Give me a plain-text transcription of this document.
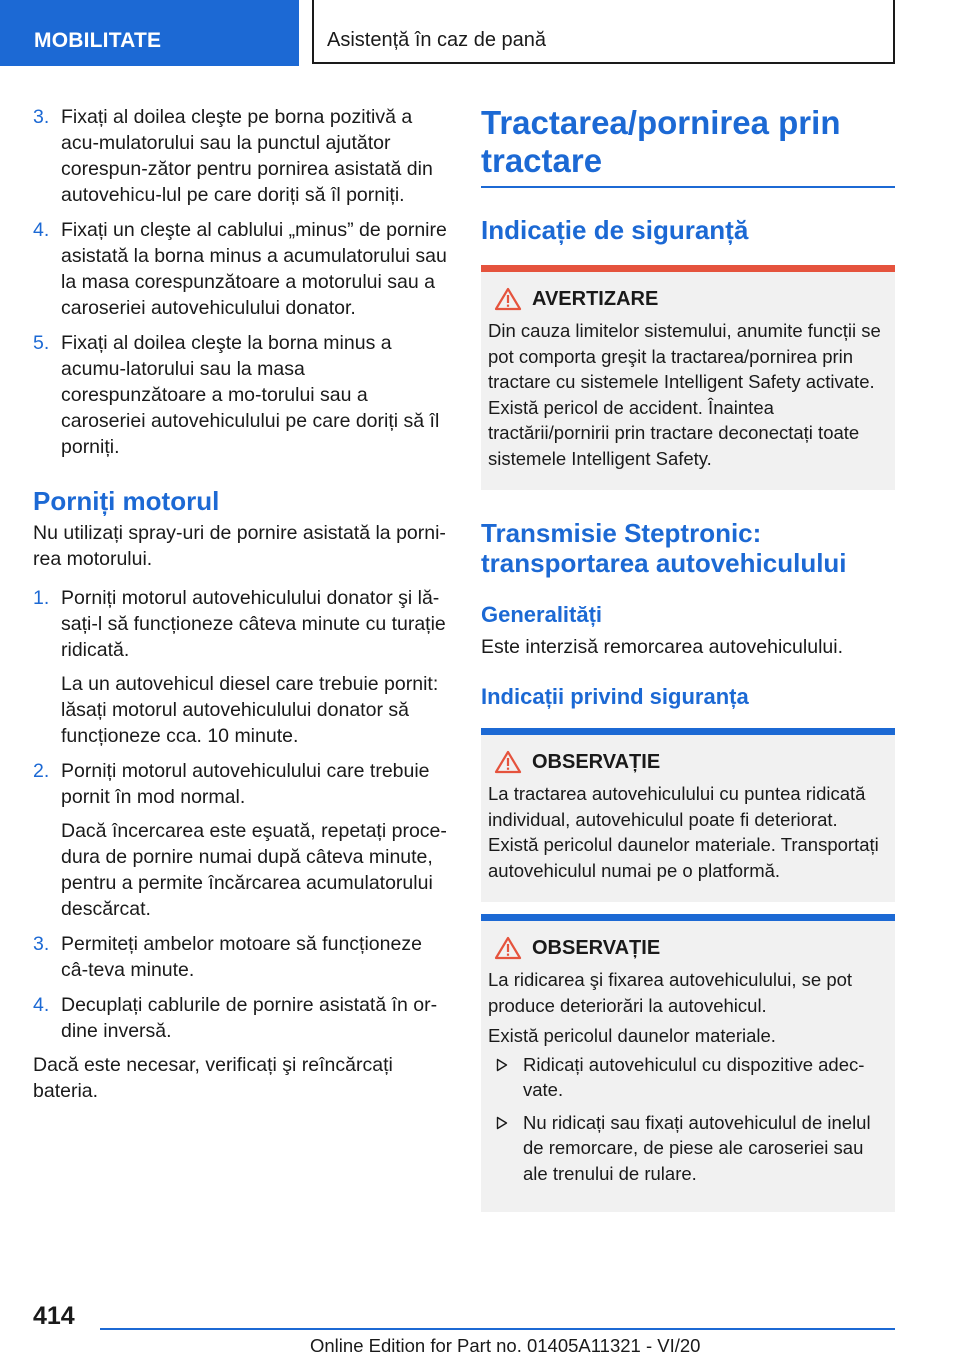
MOBILITATE	Asistență în caz de pană
3. Fixați al doilea cleşte pe borna pozitivă a acu-mulatorului sau la punctul ajutător corespun-zător pentru pornirea asistată din autovehicu-lul pe care doriți să îl porniți.

4. Fixați un cleşte al cablului „minus” de pornire asistată la borna minus a acumulatorului sau la masa corespunzătoare a motorului sau a caroseriei autovehiculului donator.

5. Fixați al doilea cleşte la borna minus a acumu-latorului sau la masa corespunzătoare a mo-torului sau a caroseriei autovehiculului pe care doriți să îl porniți.

Porniți motorul

Nu utilizați spray-uri de pornire asistată la porni-rea motorului.

1. Porniți motorul autovehiculului donator şi lă-sați-l să funcționeze câteva minute cu turație ridicată.

La un autovehicul diesel care trebuie pornit: lăsați motorul autovehiculului donator să funcționeze cca. 10 minute.

2. Porniți motorul autovehiculului care trebuie pornit în mod normal.

Dacă încercarea este eşuată, repetați proce-dura de pornire numai după câteva minute, pentru a permite încărcarea acumulatorului descărcat.

3. Permiteți ambelor motoare să funcționeze câ-teva minute.

4. Decuplați cablurile de pornire asistată în or-dine inversă.

Dacă este necesar, verificați şi reîncărcați bateria.

Tractarea/pornirea prin tractare
Indicație de siguranță
AVERTIZARE

Din cauza limitelor sistemului, anumite funcții se pot comporta greşit la tractarea/pornirea prin tractare cu sistemele Intelligent Safety activate. Există pericol de accident. Înaintea tractării/pornirii prin tractare deconectați toate sistemele Intelligent Safety.

Transmisie Steptronic: transportarea autovehiculului
Generalități

Este interzisă remorcarea autovehiculului.

Indicații privind siguranța
OBSERVAȚIE

La tractarea autovehiculului cu puntea ridicată individual, autovehiculul poate fi deteriorat. Există pericolul daunelor materiale. Transportați autovehiculul numai pe o platformă.

OBSERVAȚIE

La ridicarea şi fixarea autovehiculului, se pot produce deteriorări la autovehicul.

Există pericolul daunelor materiale.

Ridicați autovehiculul cu dispozitive adec-vate.
Nu ridicați sau fixați autovehiculul de inelul de remorcare, de piese ale caroseriei sau ale trenului de rulare.
414
Online Edition for Part no. 01405A11321 - VI/20
